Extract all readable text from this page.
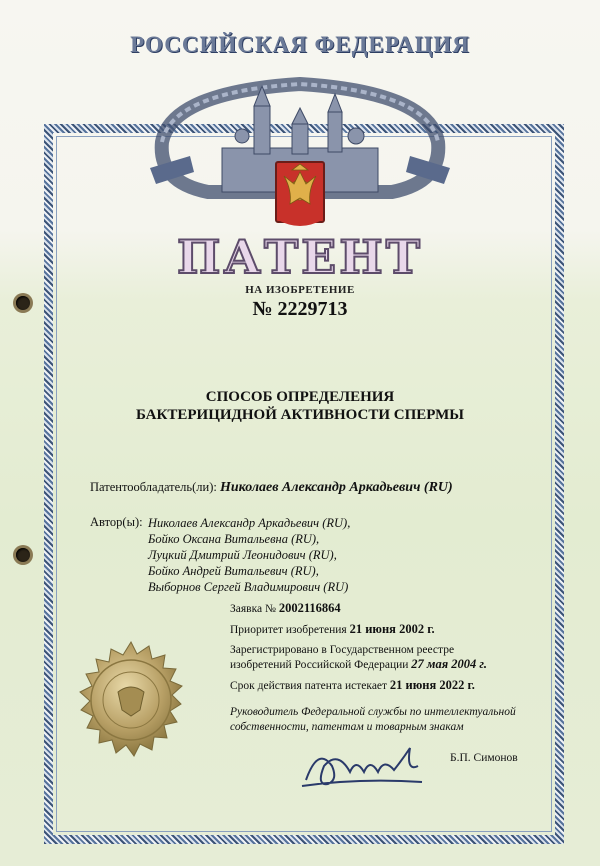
РОССИЙСКАЯ ФЕДЕРАЦИЯ
ПАТЕНТ
НА ИЗОБРЕТЕНИЕ
№ 2229713
СПОСОБ ОПРЕДЕЛЕНИЯ
БАКТЕРИЦИДНОЙ АКТИВНОСТИ СПЕРМЫ
Патентообладатель(ли): Николаев Александр Аркадьевич (RU)
Автор(ы): Николаев Александр Аркадьевич (RU),
Бойко Оксана Витальевна (RU),
Луцкий Дмитрий Леонидович (RU),
Бойко Андрей Витальевич (RU),
Выборнов Сергей Владимирович (RU)

Заявка № 2002116864

Приоритет изобретения 21 июня 2002 г.

Зарегистрировано в Государственном реестре
изобретений Российской Федерации 27 мая 2004 г.

Срок действия патента истекает 21 июня 2022 г.

Руководитель Федеральной службы по интеллектуальной
собственности, патентам и товарным знакам
Б.П. Симонов
